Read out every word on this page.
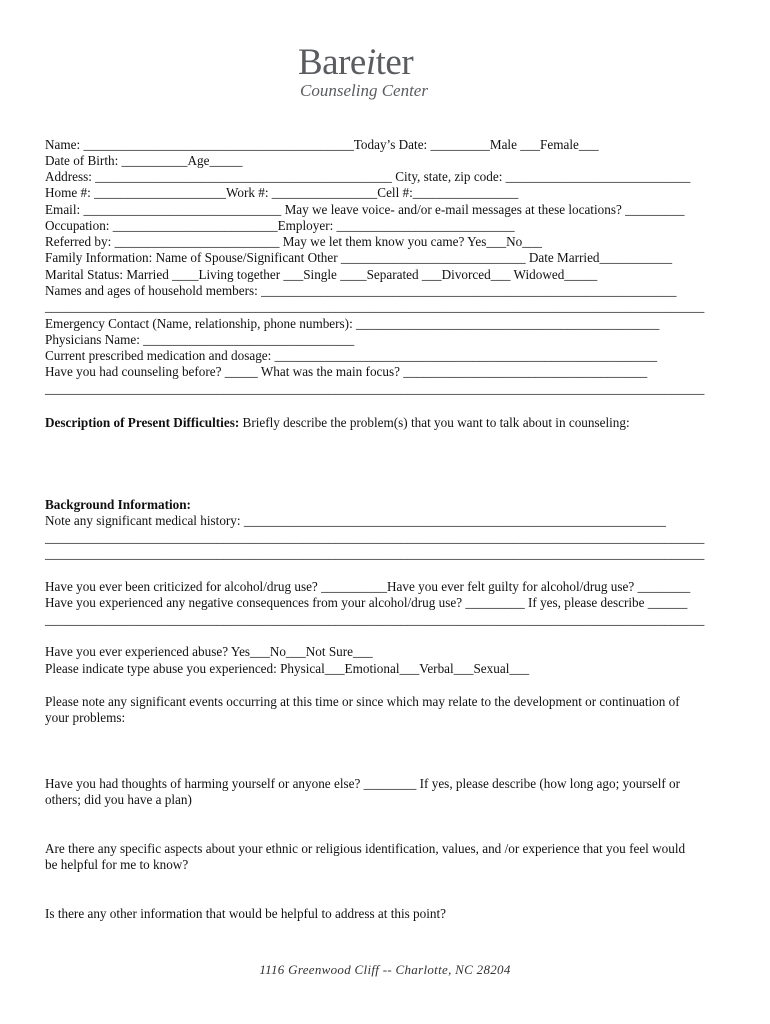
Bareiter
Counseling Center
Name: _________________________________________Today’s Date: _________Male ___Female___
Date of Birth: __________Age_____
Address: _____________________________________________ City, state, zip code: ____________________________
Home #: ____________________Work #: ________________Cell #:________________
Email: ______________________________ May we leave voice- and/or e-mail messages at these locations? _________
Occupation: _________________________Employer: ___________________________
Referred by: _________________________ May we let them know you came? Yes___No___
Family Information: Name of Spouse/Significant Other ____________________________ Date Married___________
Marital Status: Married ____Living together ___Single ____Separated ___Divorced___ Widowed_____
Names and ages of household members: _______________________________________________________________
____________________________________________________________________________________________________
Emergency Contact (Name, relationship, phone numbers): ______________________________________________
Physicians Name: ________________________________
Current prescribed medication and dosage: __________________________________________________________
Have you had counseling before? _____ What was the main focus? _____________________________________
____________________________________________________________________________________________________
Description of Present Difficulties: Briefly describe the problem(s) that you want to talk about in counseling:
Background Information:
Note any significant medical history: ________________________________________________________________
____________________________________________________________________________________________________
____________________________________________________________________________________________________
Have you ever been criticized for alcohol/drug use? __________Have you ever felt guilty for alcohol/drug use? ________
Have you experienced any negative consequences from your alcohol/drug use? _________ If yes, please describe ______
____________________________________________________________________________________________________
Have you ever experienced abuse? Yes___No___Not Sure___
Please indicate type abuse you experienced: Physical___Emotional___Verbal___Sexual___
Please note any significant events occurring at this time or since which may relate to the development or continuation of
your problems:
Have you had thoughts of harming yourself or anyone else? ________ If yes, please describe (how long ago; yourself or
others; did you have a plan)
Are there any specific aspects about your ethnic or religious identification, values, and /or experience that you feel would
be helpful for me to know?
Is there any other information that would be helpful to address at this point?
1116 Greenwood Cliff -- Charlotte, NC 28204
